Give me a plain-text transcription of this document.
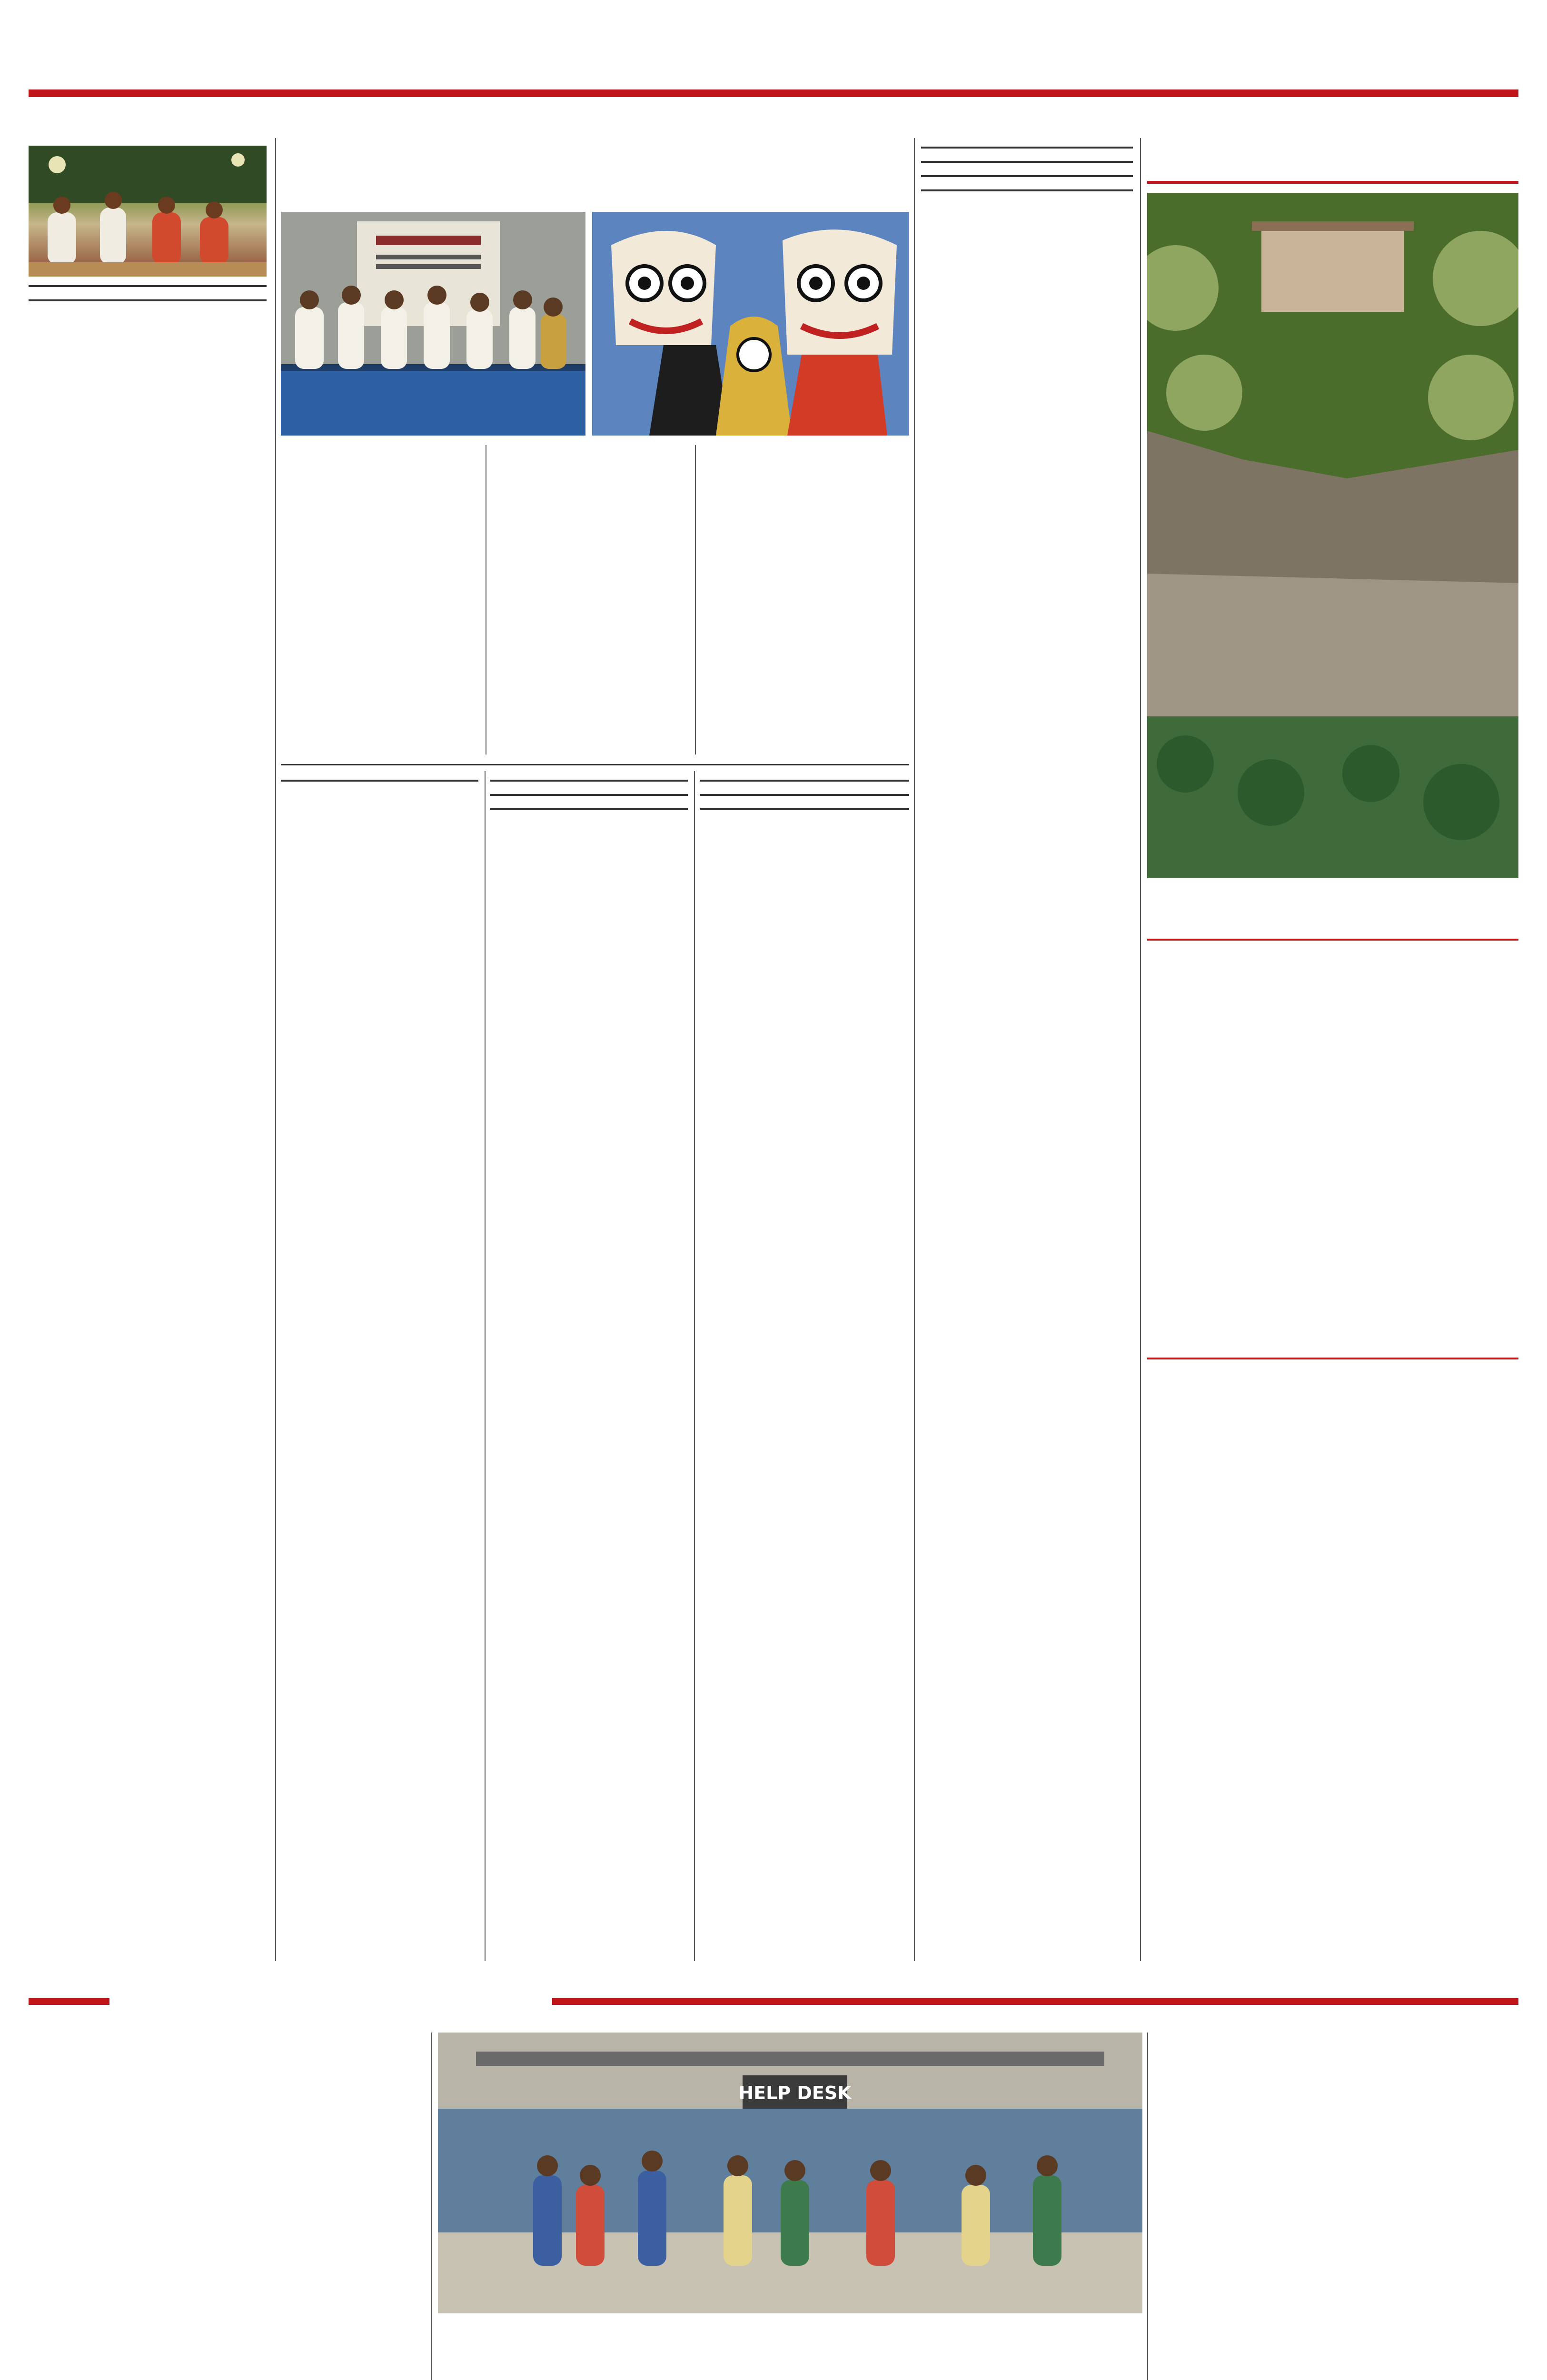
HELP DESK
